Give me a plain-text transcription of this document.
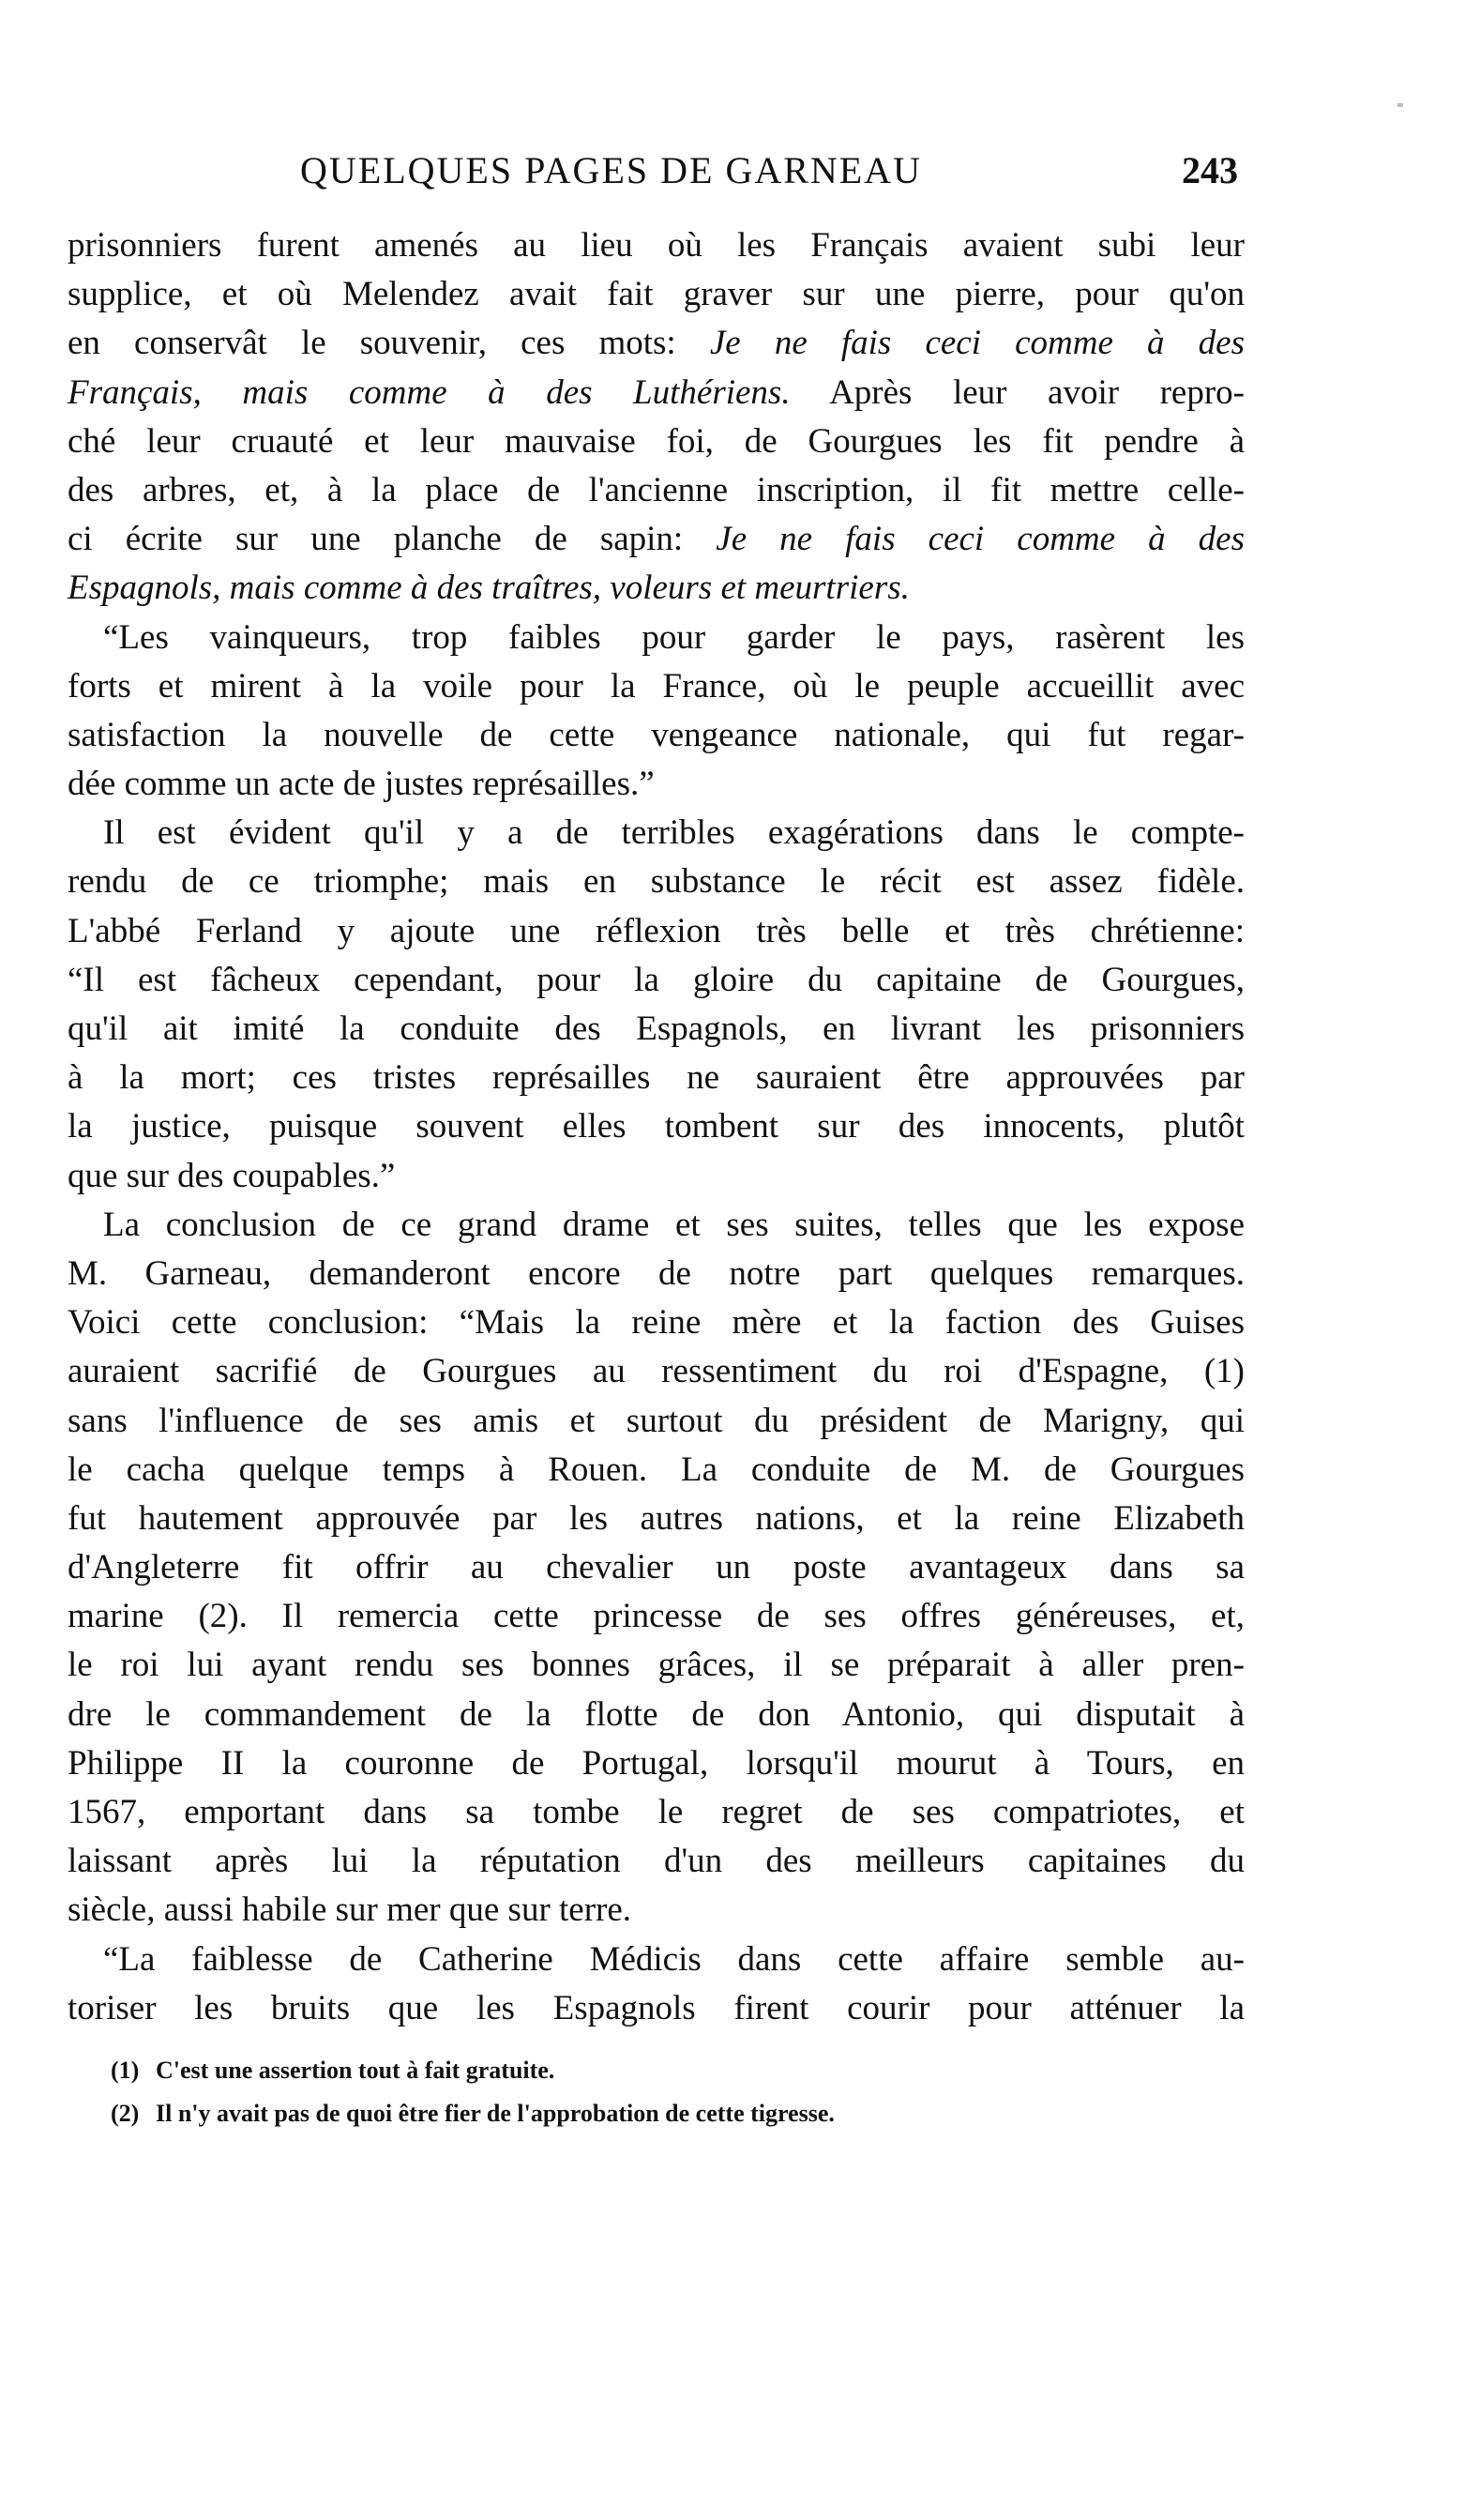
QUELQUES PAGES DE GARNEAU	243
prisonniers furent amenés au lieu où les Français avaient subi leur
supplice, et où Melendez avait fait graver sur une pierre, pour qu'on
en conservât le souvenir, ces mots: Je ne fais ceci comme à des
Français, mais comme à des Luthériens. Après leur avoir repro-
ché leur cruauté et leur mauvaise foi, de Gourgues les fit pendre à
des arbres, et, à la place de l'ancienne inscription, il fit mettre celle-
ci écrite sur une planche de sapin: Je ne fais ceci comme à des
Espagnols, mais comme à des traîtres, voleurs et meurtriers.
“Les vainqueurs, trop faibles pour garder le pays, rasèrent les
forts et mirent à la voile pour la France, où le peuple accueillit avec
satisfaction la nouvelle de cette vengeance nationale, qui fut regar-
dée comme un acte de justes représailles.”
Il est évident qu'il y a de terribles exagérations dans le compte-
rendu de ce triomphe; mais en substance le récit est assez fidèle.
L'abbé Ferland y ajoute une réflexion très belle et très chrétienne:
“Il est fâcheux cependant, pour la gloire du capitaine de Gourgues,
qu'il ait imité la conduite des Espagnols, en livrant les prisonniers
à la mort; ces tristes représailles ne sauraient être approuvées par
la justice, puisque souvent elles tombent sur des innocents, plutôt
que sur des coupables.”
La conclusion de ce grand drame et ses suites, telles que les expose
M. Garneau, demanderont encore de notre part quelques remarques.
Voici cette conclusion: “Mais la reine mère et la faction des Guises
auraient sacrifié de Gourgues au ressentiment du roi d'Espagne, (1)
sans l'influence de ses amis et surtout du président de Marigny, qui
le cacha quelque temps à Rouen. La conduite de M. de Gourgues
fut hautement approuvée par les autres nations, et la reine Elizabeth
d'Angleterre fit offrir au chevalier un poste avantageux dans sa
marine (2). Il remercia cette princesse de ses offres généreuses, et,
le roi lui ayant rendu ses bonnes grâces, il se préparait à aller pren-
dre le commandement de la flotte de don Antonio, qui disputait à
Philippe II la couronne de Portugal, lorsqu'il mourut à Tours, en
1567, emportant dans sa tombe le regret de ses compatriotes, et
laissant après lui la réputation d'un des meilleurs capitaines du
siècle, aussi habile sur mer que sur terre.
“La faiblesse de Catherine Médicis dans cette affaire semble au-
toriser les bruits que les Espagnols firent courir pour atténuer la
(1) C'est une assertion tout à fait gratuite.
(2) Il n'y avait pas de quoi être fier de l'approbation de cette tigresse.
